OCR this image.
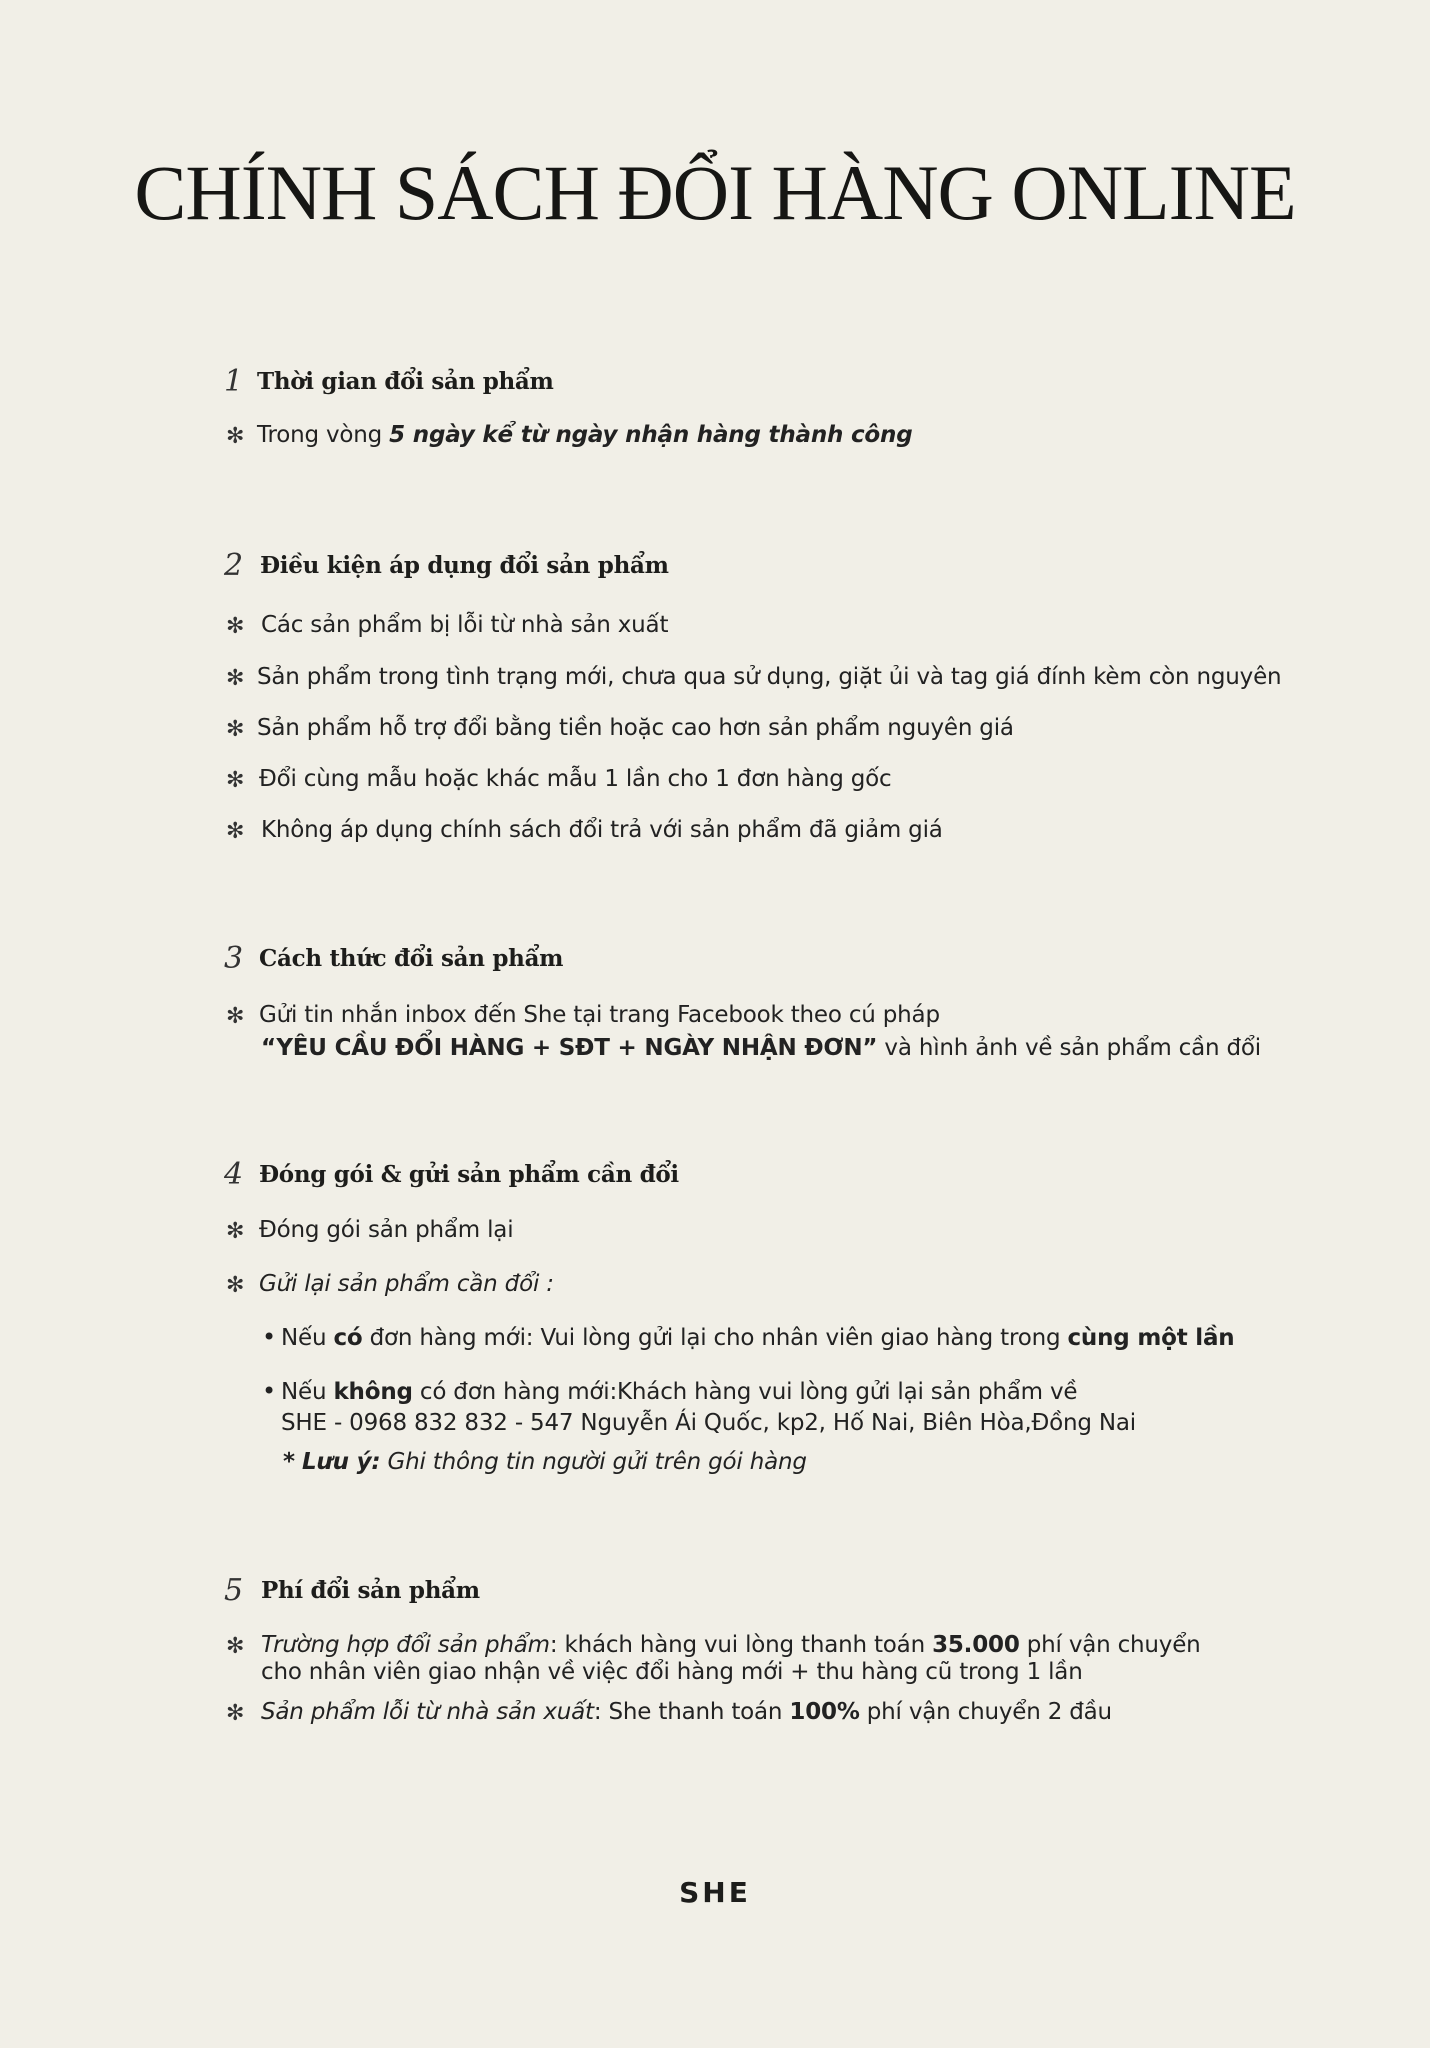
CHÍNH SÁCH ĐỔI HÀNG ONLINE
1 Thời gian đổi sản phẩm
✻ Trong vòng 5 ngày kể từ ngày nhận hàng thành công
2 Điều kiện áp dụng đổi sản phẩm
✻ Các sản phẩm bị lỗi từ nhà sản xuất
✻ Sản phẩm trong tình trạng mới, chưa qua sử dụng, giặt ủi và tag giá đính kèm còn nguyên
✻ Sản phẩm hỗ trợ đổi bằng tiền hoặc cao hơn sản phẩm nguyên giá
✻ Đổi cùng mẫu hoặc khác mẫu 1 lần cho 1 đơn hàng gốc
✻ Không áp dụng chính sách đổi trả với sản phẩm đã giảm giá
3 Cách thức đổi sản phẩm
✻ Gửi tin nhắn inbox đến She tại trang Facebook theo cú pháp
“YÊU CẦU ĐỔI HÀNG + SĐT + NGÀY NHẬN ĐƠN” và hình ảnh về sản phẩm cần đổi
4 Đóng gói & gửi sản phẩm cần đổi
✻ Đóng gói sản phẩm lại
✻ Gửi lại sản phẩm cần đổi :
• Nếu có đơn hàng mới: Vui lòng gửi lại cho nhân viên giao hàng trong cùng một lần
• Nếu không có đơn hàng mới:Khách hàng vui lòng gửi lại sản phẩm về
SHE - 0968 832 832 - 547 Nguyễn Ái Quốc, kp2, Hố Nai, Biên Hòa,Đồng Nai
* Lưu ý: Ghi thông tin người gửi trên gói hàng
5 Phí đổi sản phẩm
✻ Trường hợp đổi sản phẩm: khách hàng vui lòng thanh toán 35.000 phí vận chuyển
cho nhân viên giao nhận về việc đổi hàng mới + thu hàng cũ trong 1 lần
✻ Sản phẩm lỗi từ nhà sản xuất: She thanh toán 100% phí vận chuyển 2 đầu
SHE
